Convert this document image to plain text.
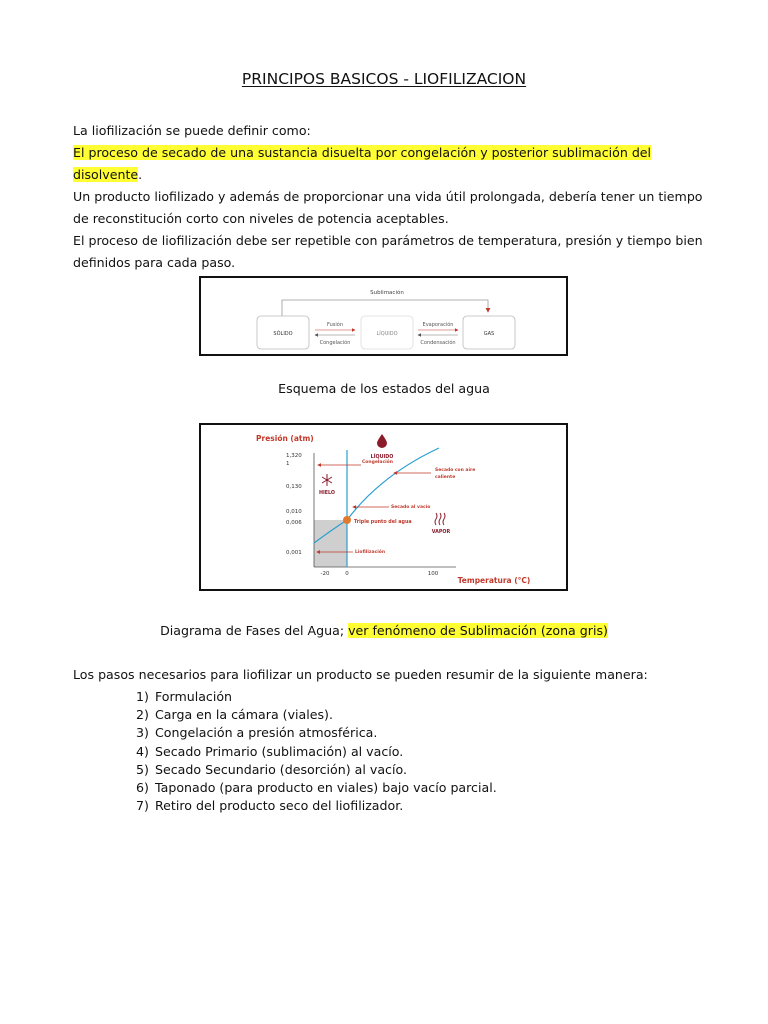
PRINCIPOS BASICOS - LIOFILIZACION
La liofilización se puede definir como:
El proceso de secado de una sustancia disuelta por congelación y posterior sublimación del disolvente.
Un producto liofilizado y además de proporcionar una vida útil prolongada, debería tener un tiempo de reconstitución corto con niveles de potencia aceptables.
El proceso de liofilización debe ser repetible con parámetros de temperatura, presión y tiempo bien definidos para cada paso.
Sublimación
SÓLIDO	LÍQUIDO	GAS
Fusión
Congelación
Evaporación
Condensación
Esquema de los estados del agua
Presión (atm)
Temperatura (°C)
1,320
1
0,130
0,010
0,006
0,001
-20	0	100
Triple punto del agua
LÍQUIDO
HIELO
VAPOR
Congelación
Secado con aire
caliente
Secado al vacío
Liofilización
Diagrama de Fases del Agua; ver fenómeno de Sublimación (zona gris)
Los pasos necesarios para liofilizar un producto se pueden resumir de la siguiente manera:
1) Formulación
2) Carga en la cámara (viales).
3) Congelación a presión atmosférica.
4) Secado Primario (sublimación) al vacío.
5) Secado Secundario (desorción) al vacío.
6) Taponado (para producto en viales) bajo vacío parcial.
7) Retiro del producto seco del liofilizador.
